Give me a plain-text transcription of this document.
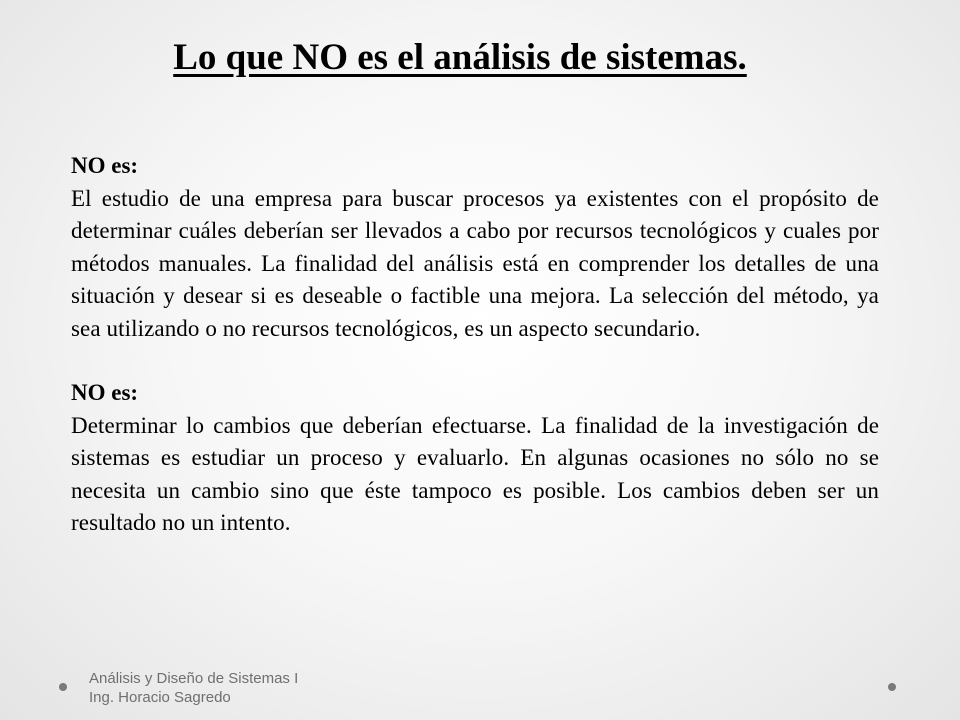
Lo que NO es el análisis de sistemas.

NO es:
El estudio de una empresa para buscar procesos ya existentes con el propósito de determinar cuáles deberían ser llevados a cabo por recursos tecnológicos y cuales por métodos manuales. La finalidad del análisis está en comprender los detalles de una situación y desear si es deseable o factible una mejora. La selección del método, ya sea utilizando o no recursos tecnológicos, es un aspecto secundario.

NO es:
Determinar lo cambios que deberían efectuarse. La finalidad de la investigación de sistemas es estudiar un proceso y evaluarlo. En algunas ocasiones no sólo no se necesita un cambio sino que éste tampoco es posible. Los cambios deben ser un resultado no un intento.

Análisis y Diseño de Sistemas I
Ing. Horacio Sagredo
